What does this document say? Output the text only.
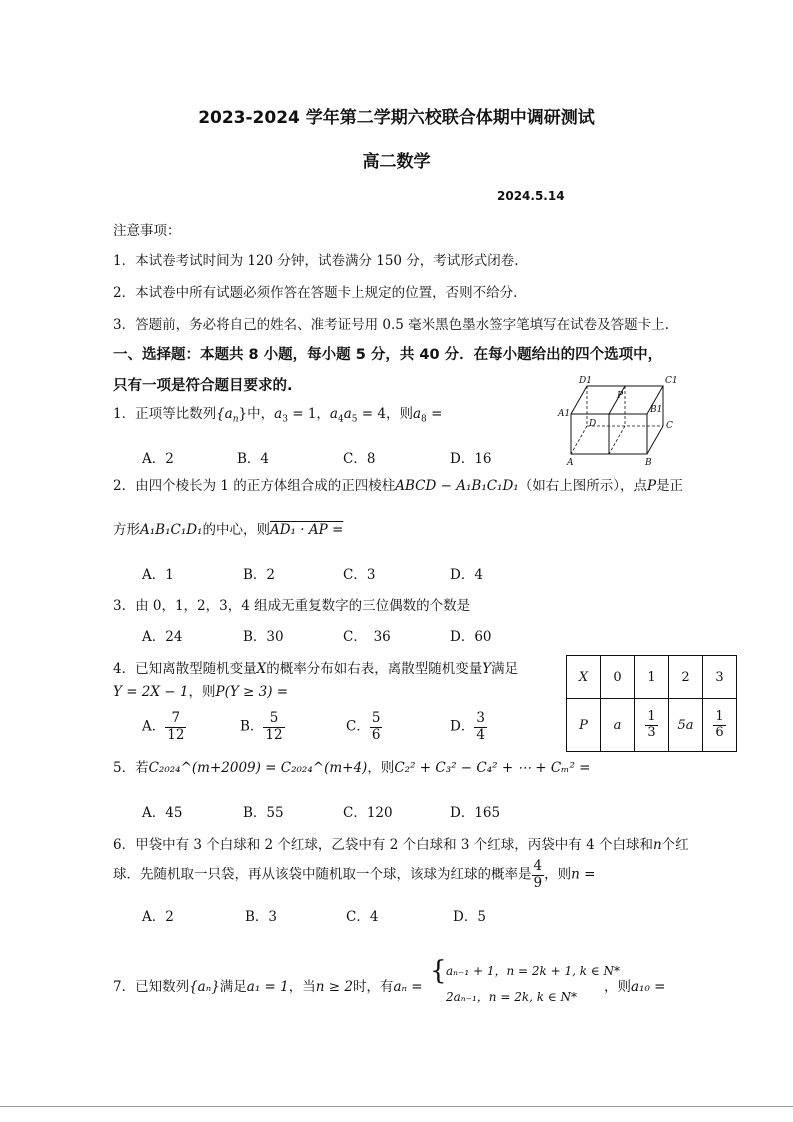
2023-2024 学年第二学期六校联合体期中调研测试
高二数学
2024.5.14
注意事项：
1．本试卷考试时间为 120 分钟，试卷满分 150 分，考试形式闭卷.
2．本试卷中所有试题必须作答在答题卡上规定的位置，否则不给分.
3．答题前，务必将自己的姓名、准考证号用 0.5 毫米黑色墨水签字笔填写在试卷及答题卡上.
一、选择题：本题共 8 小题，每小题 5 分，共 40 分．在每小题给出的四个选项中，
只有一项是符合题目要求的.	D1
P
C1
A1	B1
D	C
A	B
1．正项等比数列$\{a_n\}$中，$a_3 = 1$，$a_4a_5 = 4$，则$a_8$ =
A．2	B．4	C．8	D．16
2．由四个棱长为 1 的正方体组合成的正四棱柱ABCD − A₁B₁C₁D₁（如右上图所示），点P是正
方形A₁B₁C₁D₁的中心，则AD₁ · AP =
A．1	B．2	C．3	D．4
3．由 0，1，2，3，4 组成无重复数字的三位偶数的个数是
A．24	B．30	C．　36	D．60
4．已知离散型随机变量X的概率分布如右表，离散型随机变量Y满足
Y = 2X − 1，则P(Y ≥ 3) =
A． $\frac{7}{12}$	B． $\frac{5}{12}$	C． $\frac{5}{6}$	D． $\frac{3}{4}$
X	0	1	2	3
P	a	$\frac{1}{3}$	5a	$\frac{1}{6}$
5．若C₂₀₂₄^(m+2009) = C₂₀₂₄^(m+4)，则C₂² + C₃² − C₄² + ⋯ + Cₘ² =
A．45	B．55	C．120	D．165
6．甲袋中有 3 个白球和 2 个红球，乙袋中有 2 个白球和 3 个红球，丙袋中有 4 个白球和n个红
球．先随机取一只袋，再从该袋中随机取一个球，该球为红球的概率是 $\frac{4}{9}$ ，则n =
A．2	B．3	C．4	D．5
7．已知数列{aₙ}满足a₁ = 1，当n ≥ 2时，有aₙ =
{ aₙ₋₁ + 1，n = 2k + 1, k ∈ N*
2aₙ₋₁，n = 2k, k ∈ N*
，则a₁₀ =
